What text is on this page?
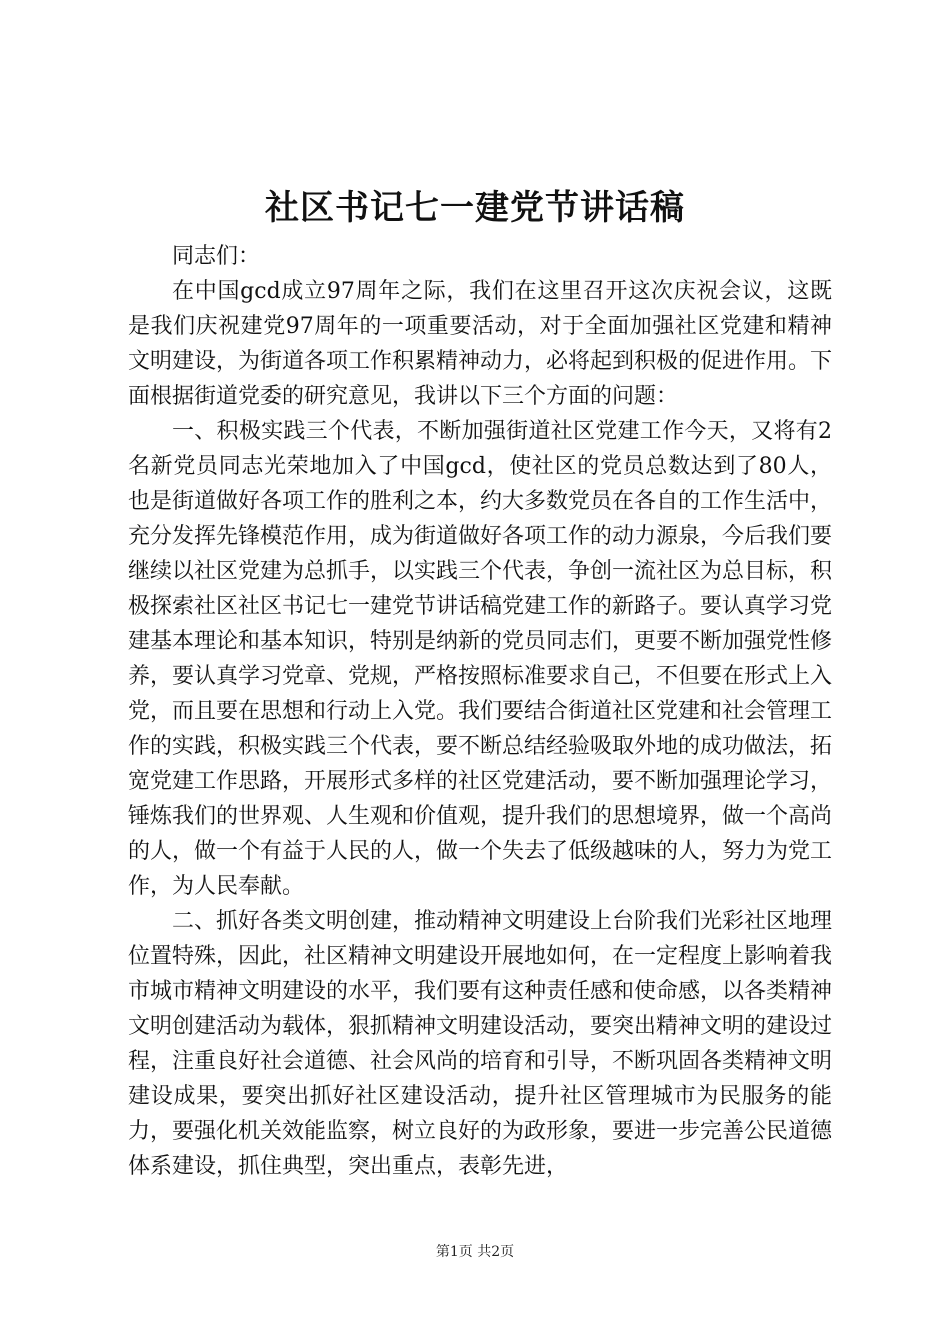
社区书记七一建党节讲话稿

同志们：

在中国gcd成立97周年之际，我们在这里召开这次庆祝会议，这既是我们庆祝建党97周年的一项重要活动，对于全面加强社区党建和精神文明建设，为街道各项工作积累精神动力，必将起到积极的促进作用。下面根据街道党委的研究意见，我讲以下三个方面的问题：

一、积极实践三个代表，不断加强街道社区党建工作今天，又将有2名新党员同志光荣地加入了中国gcd，使社区的党员总数达到了80人，也是街道做好各项工作的胜利之本，约大多数党员在各自的工作生活中，充分发挥先锋模范作用，成为街道做好各项工作的动力源泉，今后我们要继续以社区党建为总抓手，以实践三个代表，争创一流社区为总目标，积极探索社区社区书记七一建党节讲话稿党建工作的新路子。要认真学习党建基本理论和基本知识，特别是纳新的党员同志们，更要不断加强党性修养，要认真学习党章、党规，严格按照标准要求自己，不但要在形式上入党，而且要在思想和行动上入党。我们要结合街道社区党建和社会管理工作的实践，积极实践三个代表，要不断总结经验吸取外地的成功做法，拓宽党建工作思路，开展形式多样的社区党建活动，要不断加强理论学习，锤炼我们的世界观、人生观和价值观，提升我们的思想境界，做一个高尚的人，做一个有益于人民的人，做一个失去了低级越味的人，努力为党工作，为人民奉献。

二、抓好各类文明创建，推动精神文明建设上台阶我们光彩社区地理位置特殊，因此，社区精神文明建设开展地如何，在一定程度上影响着我市城市精神文明建设的水平，我们要有这种责任感和使命感，以各类精神文明创建活动为载体，狠抓精神文明建设活动，要突出精神文明的建设过程，注重良好社会道德、社会风尚的培育和引导，不断巩固各类精神文明建设成果，要突出抓好社区建设活动，提升社区管理城市为民服务的能力，要强化机关效能监察，树立良好的为政形象，要进一步完善公民道德体系建设，抓住典型，突出重点，表彰先进，

第1页 共2页
